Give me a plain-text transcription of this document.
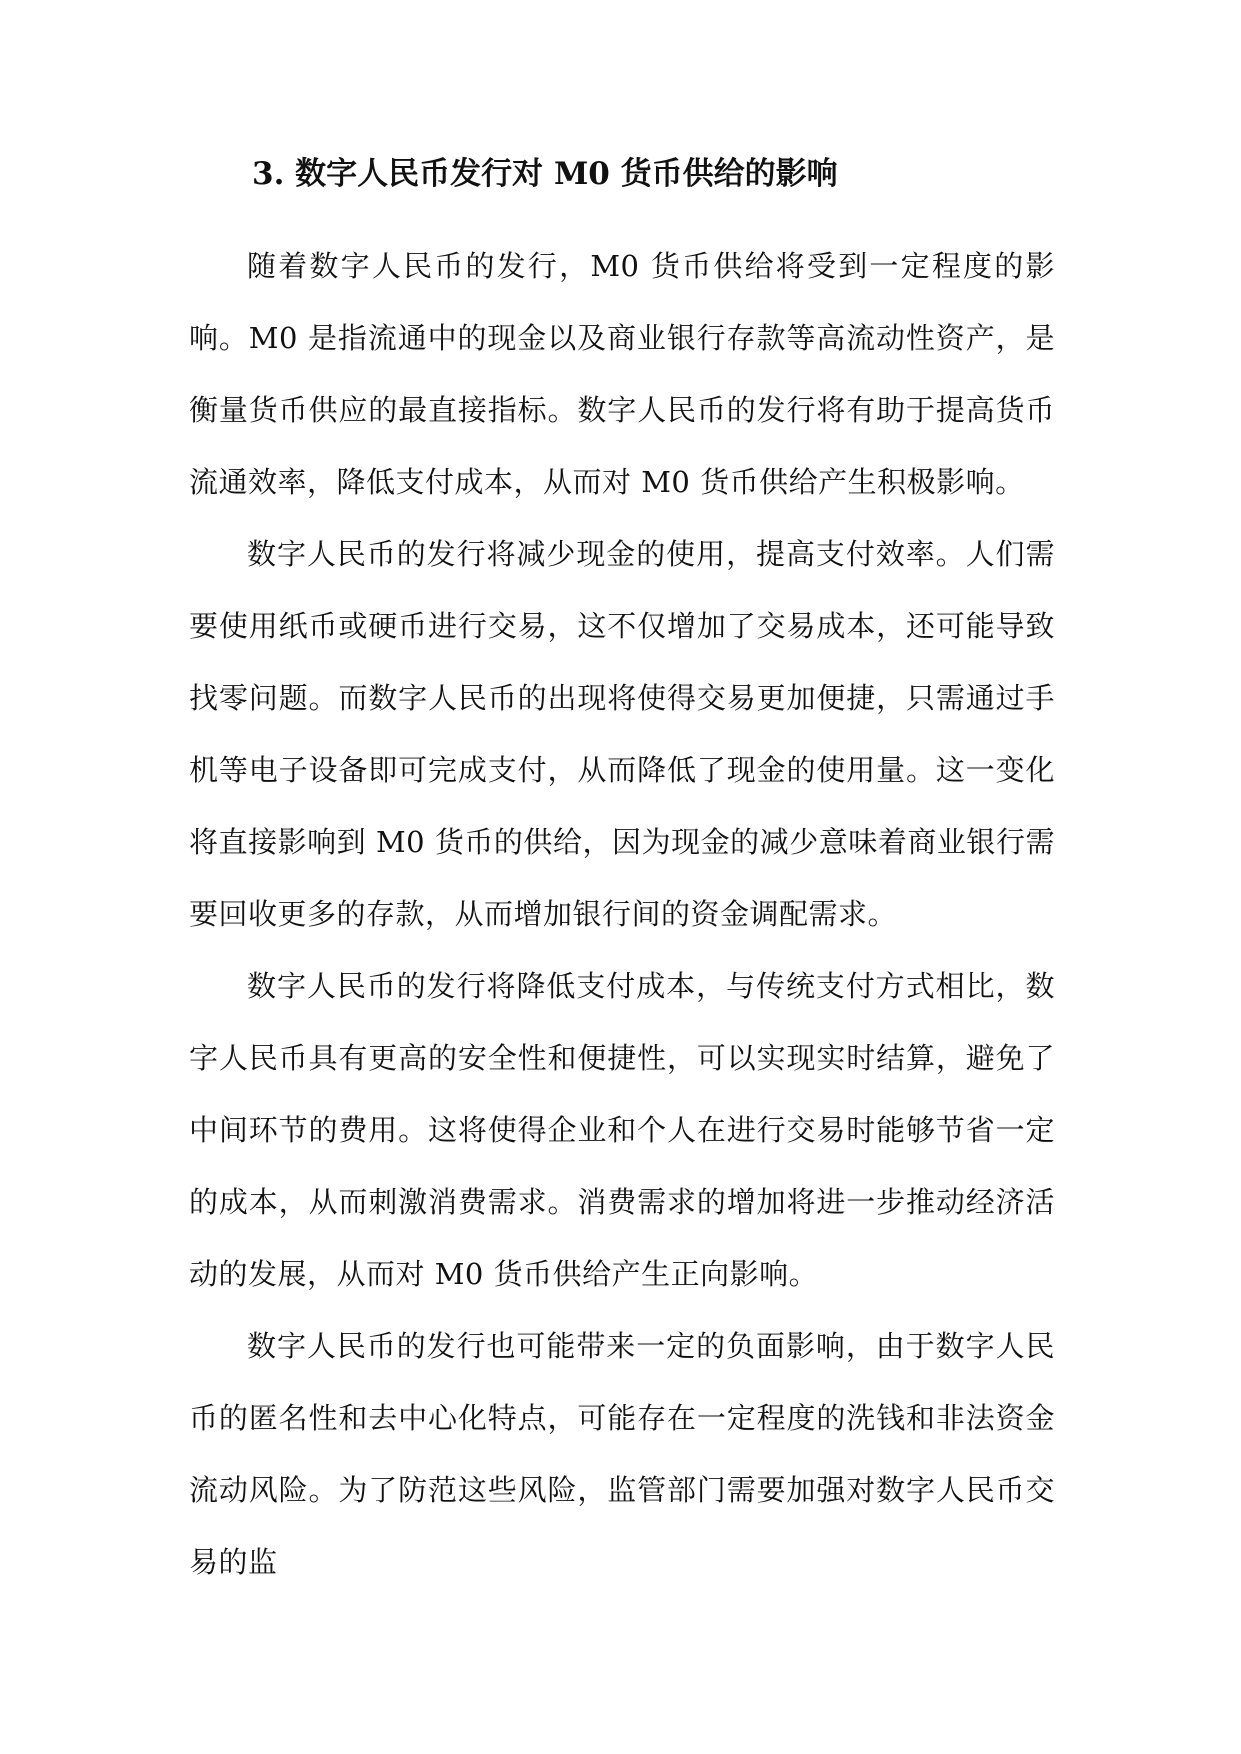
3. 数字人民币发行对 M0 货币供给的影响

随着数字人民币的发行，M0 货币供给将受到一定程度的影响。M0 是指流通中的现金以及商业银行存款等高流动性资产，是衡量货币供应的最直接指标。数字人民币的发行将有助于提高货币流通效率，降低支付成本，从而对 M0 货币供给产生积极影响。

数字人民币的发行将减少现金的使用，提高支付效率。人们需要使用纸币或硬币进行交易，这不仅增加了交易成本，还可能导致找零问题。而数字人民币的出现将使得交易更加便捷，只需通过手机等电子设备即可完成支付，从而降低了现金的使用量。这一变化将直接影响到 M0 货币的供给，因为现金的减少意味着商业银行需要回收更多的存款，从而增加银行间的资金调配需求。

数字人民币的发行将降低支付成本，与传统支付方式相比，数字人民币具有更高的安全性和便捷性，可以实现实时结算，避免了中间环节的费用。这将使得企业和个人在进行交易时能够节省一定的成本，从而刺激消费需求。消费需求的增加将进一步推动经济活动的发展，从而对 M0 货币供给产生正向影响。

数字人民币的发行也可能带来一定的负面影响，由于数字人民币的匿名性和去中心化特点，可能存在一定程度的洗钱和非法资金流动风险。为了防范这些风险，监管部门需要加强对数字人民币交易的监
